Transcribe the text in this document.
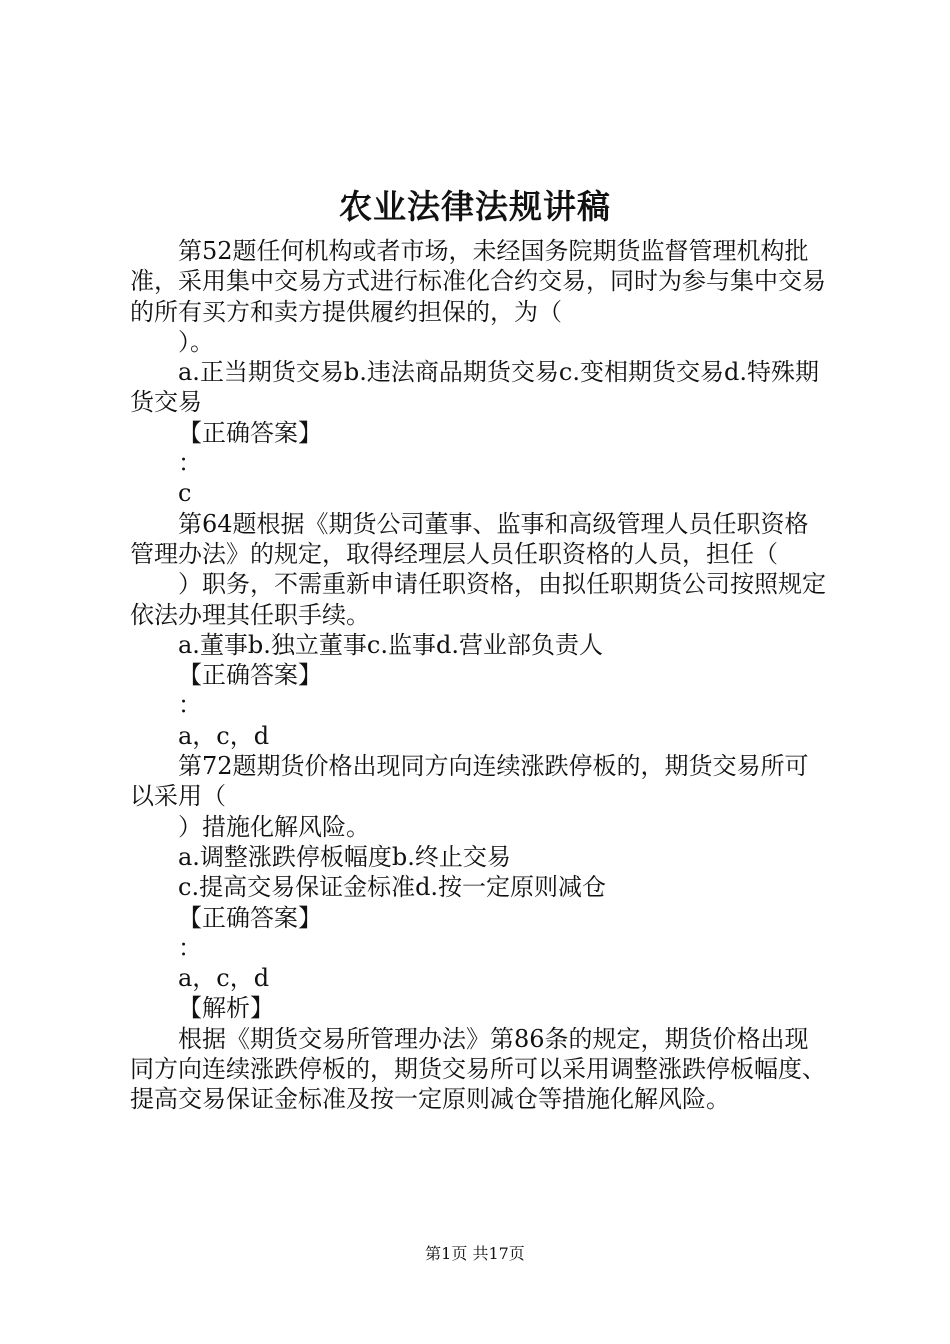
农业法律法规讲稿

第52题任何机构或者市场，未经国务院期货监督管理机构批准，采用集中交易方式进行标准化合约交易，同时为参与集中交易的所有买方和卖方提供履约担保的，为（

）。

a.正当期货交易b.违法商品期货交易c.变相期货交易d.特殊期货交易

【正确答案】

：

c

第64题根据《期货公司董事、监事和高级管理人员任职资格管理办法》的规定，取得经理层人员任职资格的人员，担任（

）职务，不需重新申请任职资格，由拟任职期货公司按照规定依法办理其任职手续。

a.董事b.独立董事c.监事d.营业部负责人

【正确答案】

：

a，c，d

第72题期货价格出现同方向连续涨跌停板的，期货交易所可以采用（

）措施化解风险。

a.调整涨跌停板幅度b.终止交易

c.提高交易保证金标准d.按一定原则减仓

【正确答案】

：

a，c，d

【解析】

根据《期货交易所管理办法》第86条的规定，期货价格出现同方向连续涨跌停板的，期货交易所可以采用调整涨跌停板幅度、提高交易保证金标准及按一定原则减仓等措施化解风险。

第1页 共17页
